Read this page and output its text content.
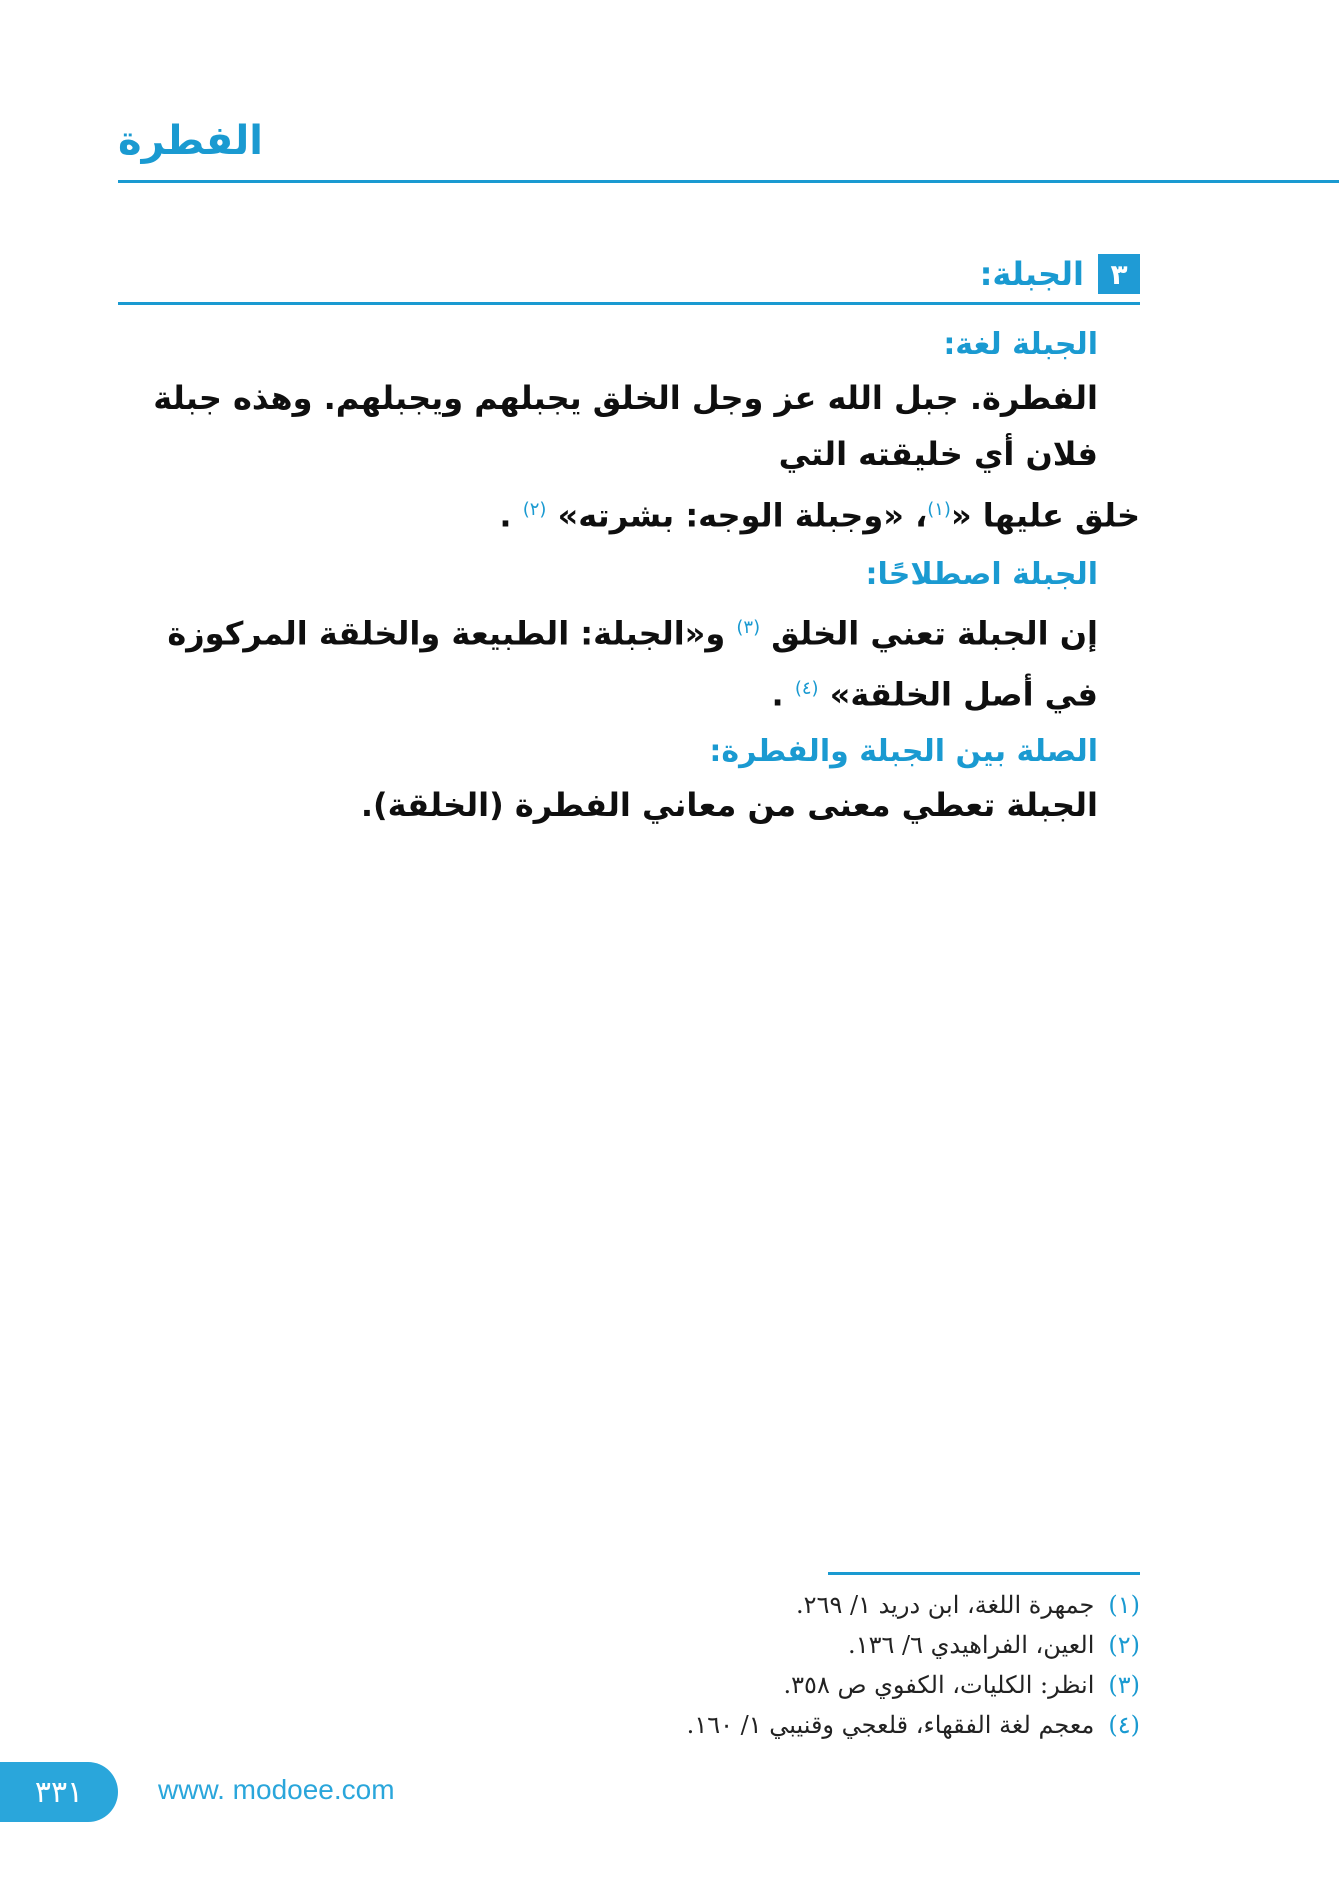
الفطرة
٣
الجبلة:
الجبلة لغة:
الفطرة. جبل الله عز وجل الخلق يجبلهم ويجبلهم. وهذه جبلة فلان أي خليقته التي
خلق عليها «$^{(١)}$، «وجبلة الوجه: بشرته» $^{(٢)}$ .
الجبلة اصطلاحًا:
إن الجبلة تعني الخلق $^{(٣)}$ و«الجبلة: الطبيعة والخلقة المركوزة في أصل الخلقة» $^{(٤)}$ .
الصلة بين الجبلة والفطرة:
الجبلة تعطي معنى من معاني الفطرة (الخلقة).
(١)جمهرة اللغة، ابن دريد ١/ ٢٦٩.
(٢)العين، الفراهيدي ٦/ ١٣٦.
(٣)انظر: الكليات، الكفوي ص ٣٥٨.
(٤)معجم لغة الفقهاء، قلعجي وقنيبي ١/ ١٦٠.
٣٣١	www. modoee.com
